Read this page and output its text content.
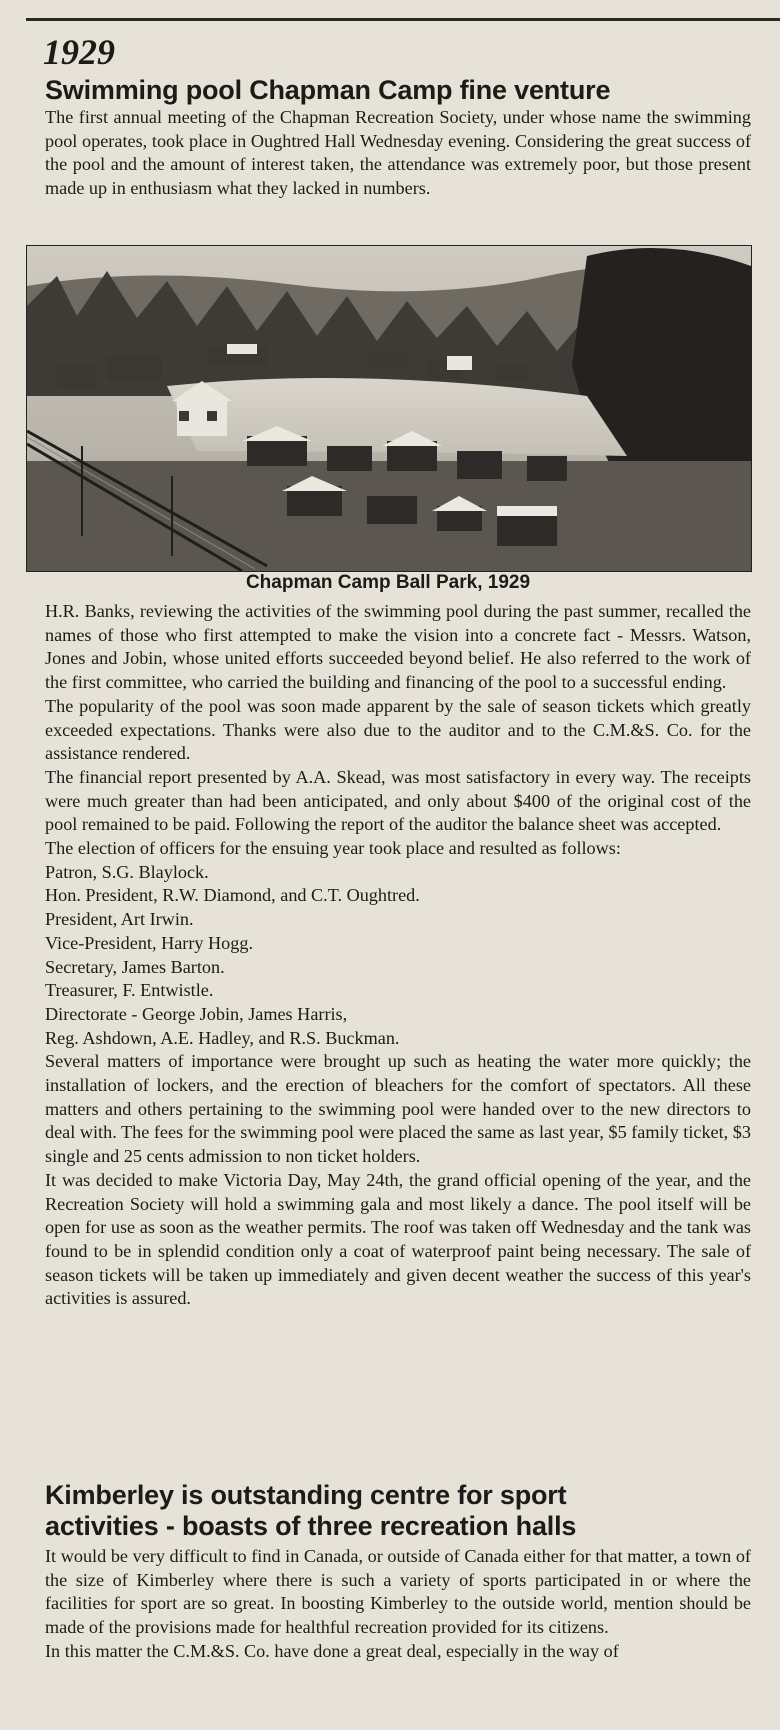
1929
Swimming pool Chapman Camp fine venture

The first annual meeting of the Chapman Recreation Society, under whose name the swimming pool operates, took place in Oughtred Hall Wednesday evening. Considering the great success of the pool and the amount of interest taken, the attendance was extremely poor, but those present made up in enthusiasm what they lacked in numbers.

Chapman Camp Ball Park, 1929

H.R. Banks, reviewing the activities of the swimming pool during the past summer, recalled the names of those who first attempted to make the vision into a concrete fact - Messrs. Watson, Jones and Jobin, whose united efforts succeeded beyond belief. He also referred to the work of the first committee, who carried the building and financing of the pool to a successful ending.

The popularity of the pool was soon made apparent by the sale of season tickets which greatly exceeded expectations. Thanks were also due to the auditor and to the C.M.&S. Co. for the assistance rendered.

The financial report presented by A.A. Skead, was most satisfactory in every way. The receipts were much greater than had been anticipated, and only about $400 of the original cost of the pool remained to be paid. Following the report of the auditor the balance sheet was accepted.

The election of officers for the ensuing year took place and resulted as follows:

Patron, S.G. Blaylock.

Hon. President, R.W. Diamond, and C.T. Oughtred.

President, Art Irwin.

Vice-President, Harry Hogg.

Secretary, James Barton.

Treasurer, F. Entwistle.

Directorate - George Jobin, James Harris,

Reg. Ashdown, A.E. Hadley, and R.S. Buckman.

Several matters of importance were brought up such as heating the water more quickly; the installation of lockers, and the erection of bleachers for the comfort of spectators. All these matters and others pertaining to the swimming pool were handed over to the new directors to deal with. The fees for the swimming pool were placed the same as last year, $5 family ticket, $3 single and 25 cents admission to non ticket holders.

It was decided to make Victoria Day, May 24th, the grand official opening of the year, and the Recreation Society will hold a swimming gala and most likely a dance. The pool itself will be open for use as soon as the weather permits. The roof was taken off Wednesday and the tank was found to be in splendid condition only a coat of waterproof paint being necessary. The sale of season tickets will be taken up immediately and given decent weather the success of this year's activities is assured.

Kimberley is outstanding centre for sport
activities - boasts of three recreation halls

It would be very difficult to find in Canada, or outside of Canada either for that matter, a town of the size of Kimberley where there is such a variety of sports participated in or where the facilities for sport are so great. In boosting Kimberley to the outside world, mention should be made of the provisions made for healthful recreation provided for its citizens.

In this matter the C.M.&S. Co. have done a great deal, especially in the way of
